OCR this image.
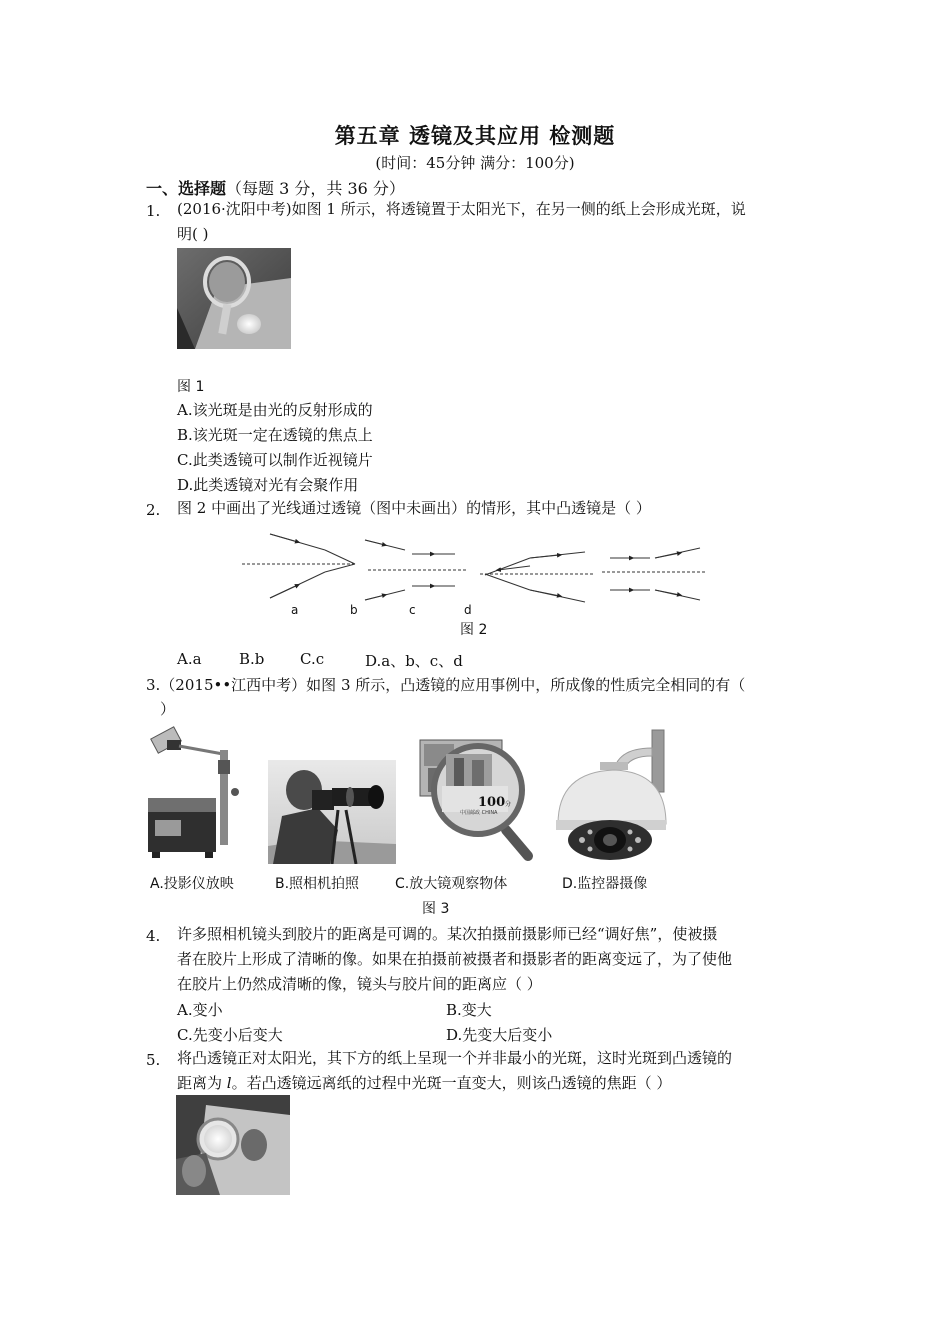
第五章 透镜及其应用 检测题
(时间：45分钟 满分：100分)
一、选择题（每题 3 分，共 36 分）
1. (2016·沈阳中考)如图 1 所示，将透镜置于太阳光下，在另一侧的纸上会形成光斑，说
明( )
图 1
A.该光斑是由光的反射形成的
B.该光斑一定在透镜的焦点上
C.此类透镜可以制作近视镜片
D.此类透镜对光有会聚作用
2. 图 2 中画出了光线通过透镜（图中未画出）的情形，其中凸透镜是（ ）
a	b	c	d
图 2
A.a B.b C.c	D.a、b、c、d
3.（2015••江西中考）如图 3 所示，凸透镜的应用事例中，所成像的性质完全相同的有（
）
100 分
中国邮政 CHINA
A.投影仪放映	B.照相机拍照	C.放大镜观察物体	D.监控器摄像
图 3
4. 许多照相机镜头到胶片的距离是可调的。某次拍摄前摄影师已经“调好焦”，使被摄
者在胶片上形成了清晰的像。如果在拍摄前被摄者和摄影者的距离变远了，为了使他
在胶片上仍然成清晰的像，镜头与胶片间的距离应（ ）
A.变小	B.变大
C.先变小后变大	D.先变大后变小
5. 将凸透镜正对太阳光，其下方的纸上呈现一个并非最小的光斑，这时光斑到凸透镜的
距离为 l。若凸透镜远离纸的过程中光斑一直变大，则该凸透镜的焦距（ ）
